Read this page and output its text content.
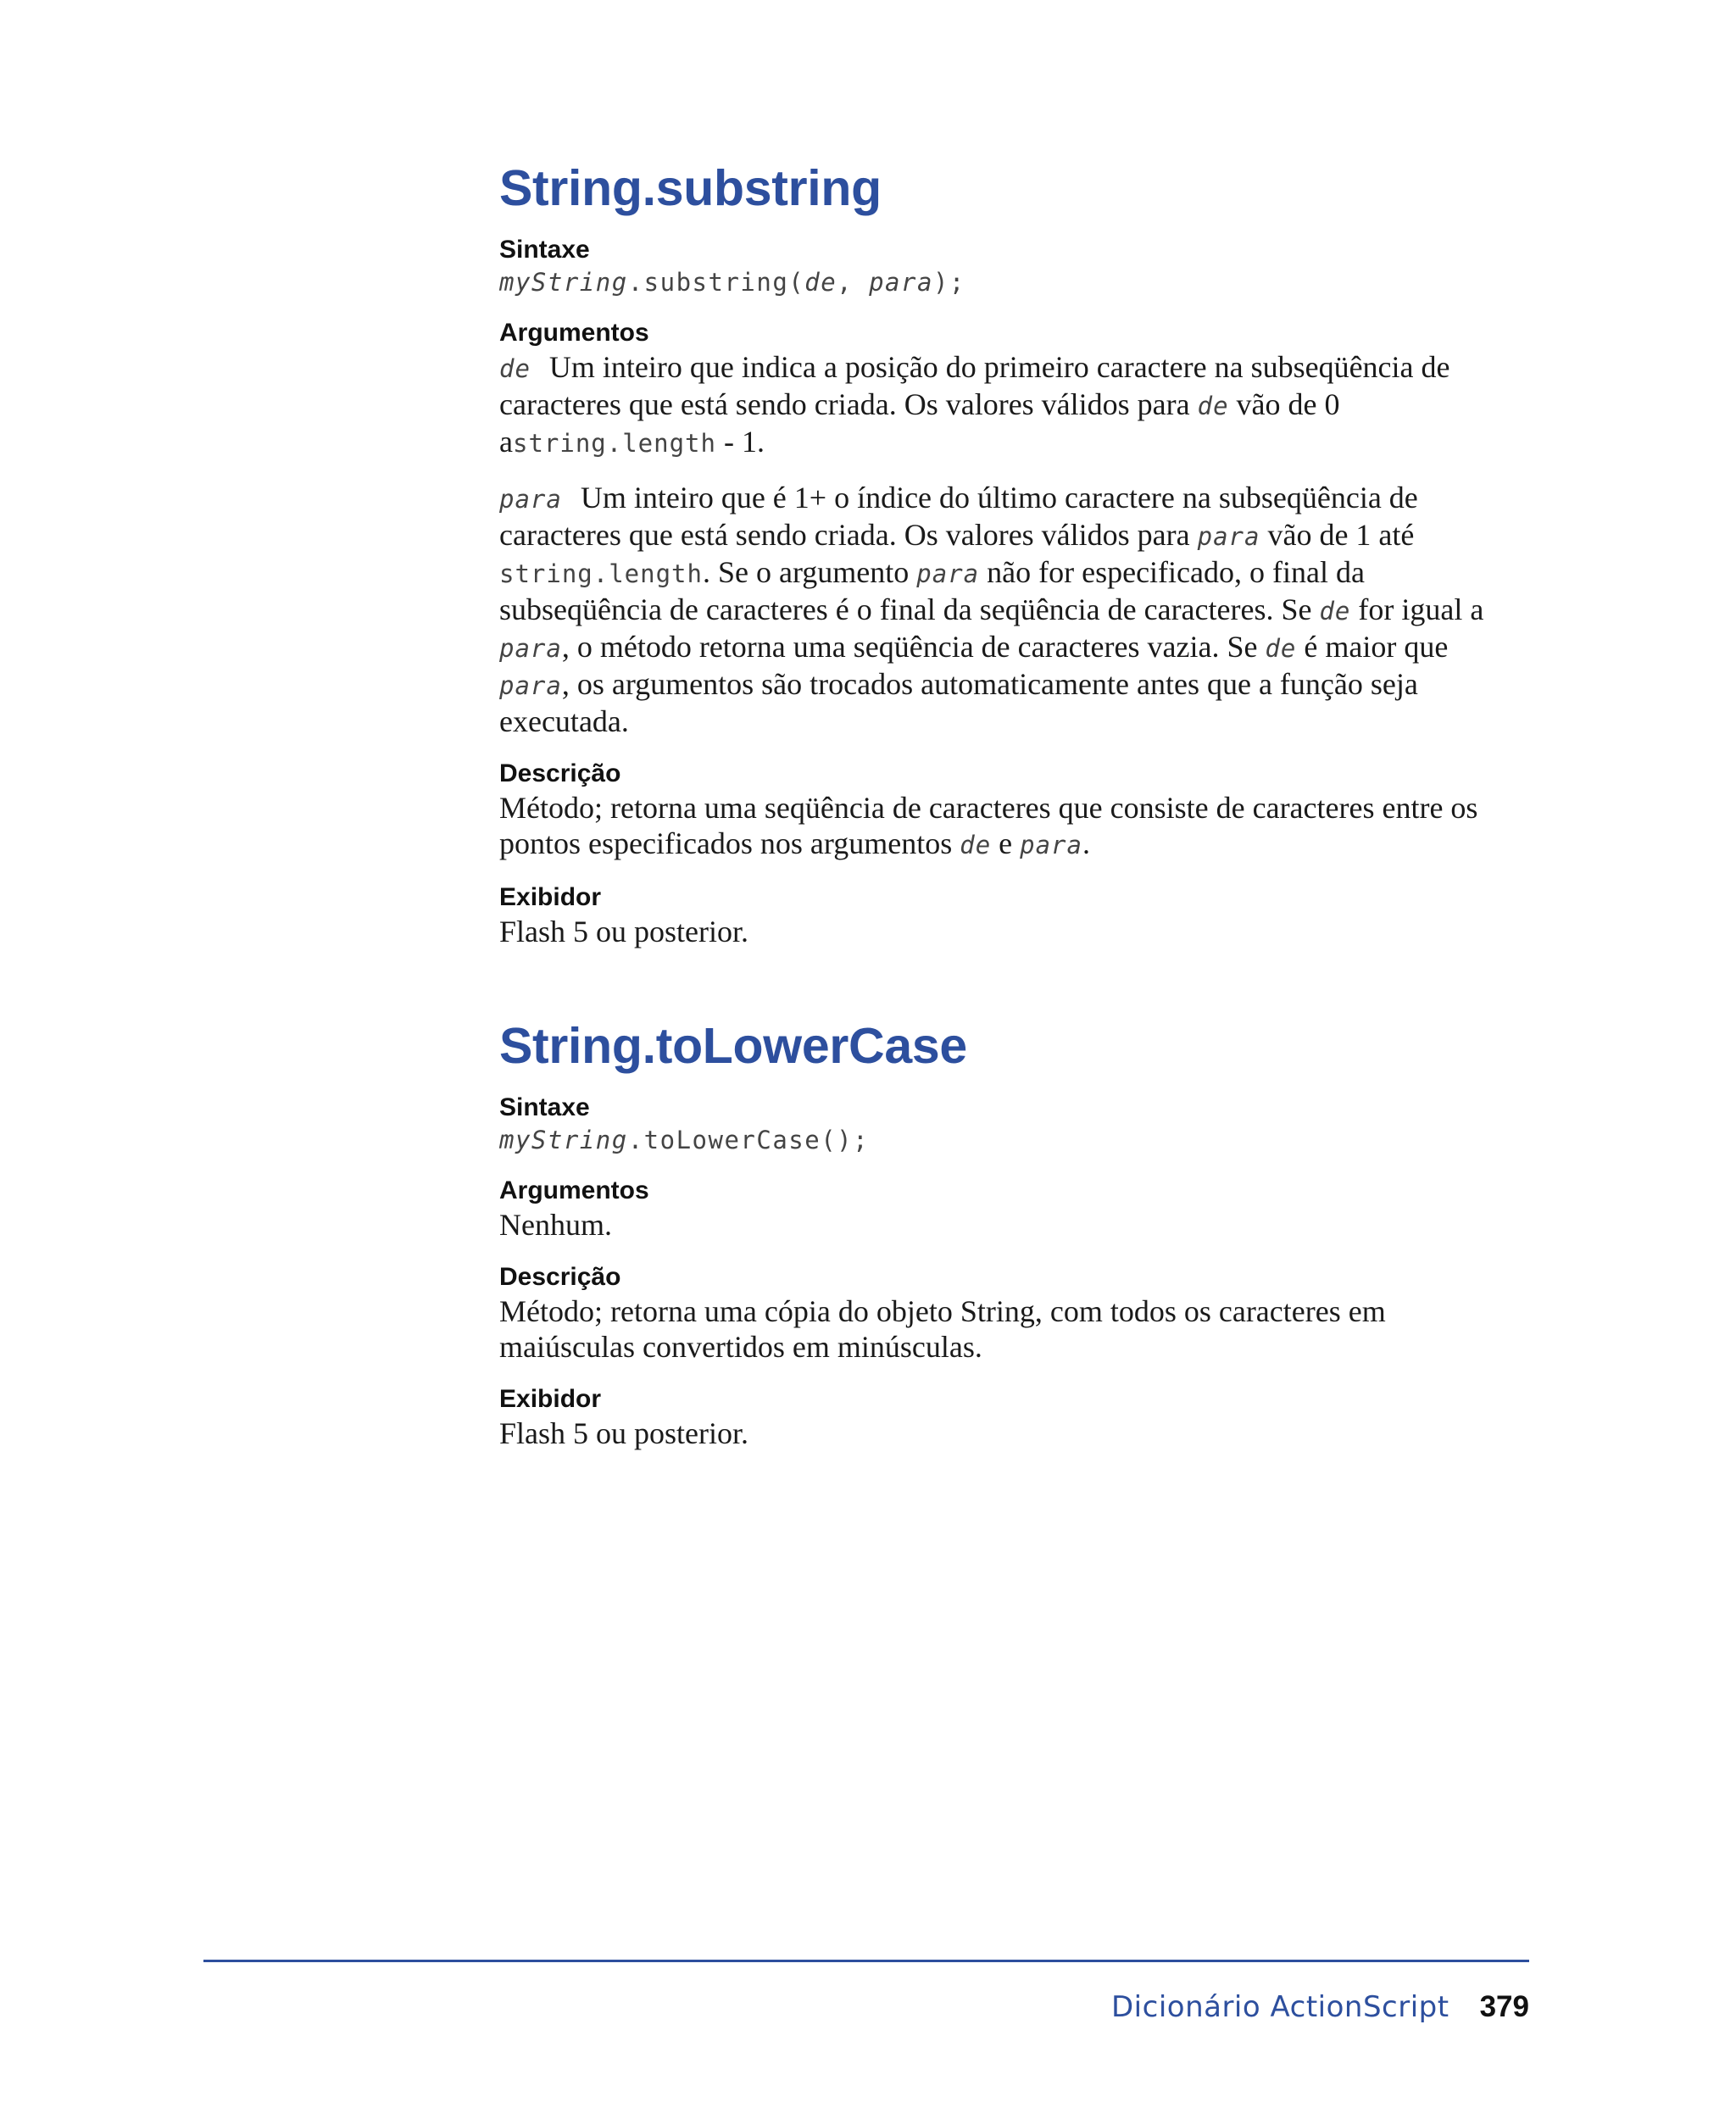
String.substring

Sintaxe

myString.substring(de, para);

Argumentos

de Um inteiro que indica a posição do primeiro caractere na subseqüência de caracteres que está sendo criada. Os valores válidos para de vão de 0 astring.length - 1.

para Um inteiro que é 1+ o índice do último caractere na subseqüência de caracteres que está sendo criada. Os valores válidos para para vão de 1 até string.length. Se o argumento para não for especificado, o final da subseqüência de caracteres é o final da seqüência de caracteres. Se de for igual a para, o método retorna uma seqüência de caracteres vazia. Se de é maior que para, os argumentos são trocados automaticamente antes que a função seja executada.

Descrição

Método; retorna uma seqüência de caracteres que consiste de caracteres entre os pontos especificados nos argumentos de e para.

Exibidor

Flash 5 ou posterior.

String.toLowerCase

Sintaxe

myString.toLowerCase();

Argumentos

Nenhum.

Descrição

Método; retorna uma cópia do objeto String, com todos os caracteres em maiúsculas convertidos em minúsculas.

Exibidor

Flash 5 ou posterior.

Dicionário ActionScript 379
